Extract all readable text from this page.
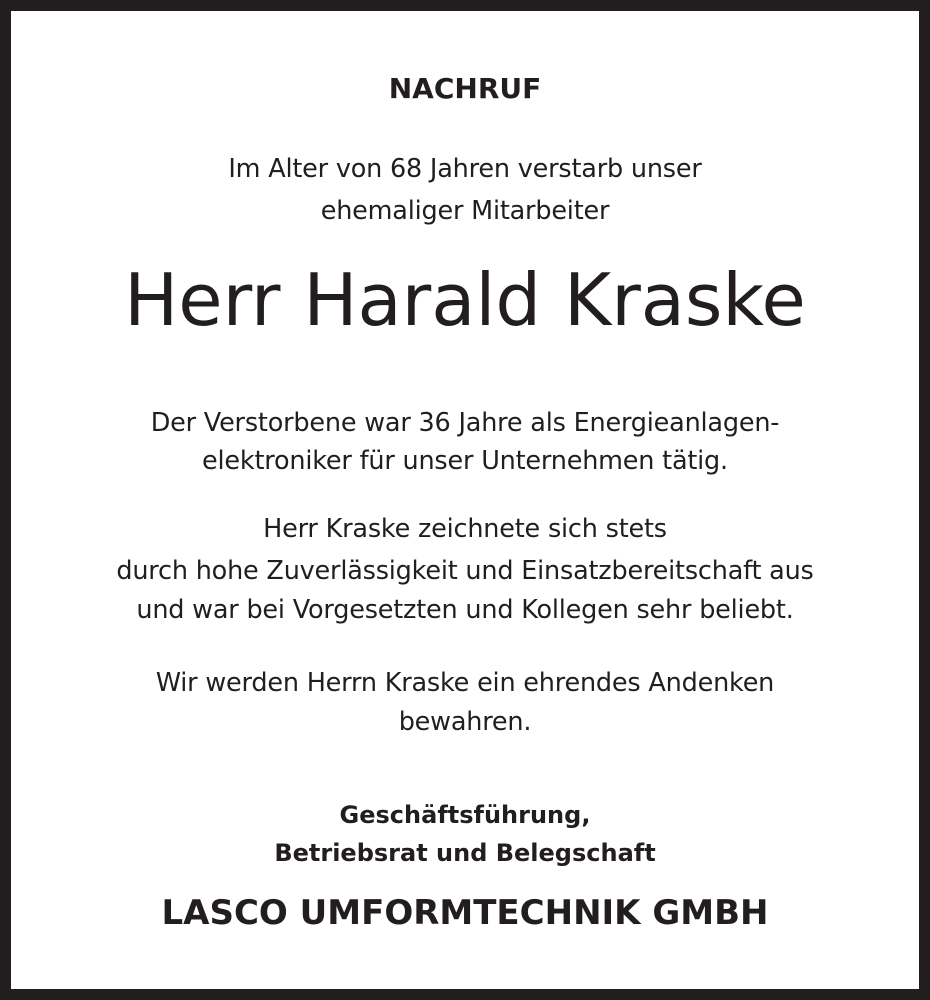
NACHRUF
Im Alter von 68 Jahren verstarb unser
ehemaliger Mitarbeiter
Herr Harald Kraske
Der Verstorbene war 36 Jahre als Energieanlagen-
elektroniker für unser Unternehmen tätig.
Herr Kraske zeichnete sich stets
durch hohe Zuverlässigkeit und Einsatzbereitschaft aus
und war bei Vorgesetzten und Kollegen sehr beliebt.
Wir werden Herrn Kraske ein ehrendes Andenken
bewahren.
Geschäftsführung,
Betriebsrat und Belegschaft
LASCO UMFORMTECHNIK GMBH
